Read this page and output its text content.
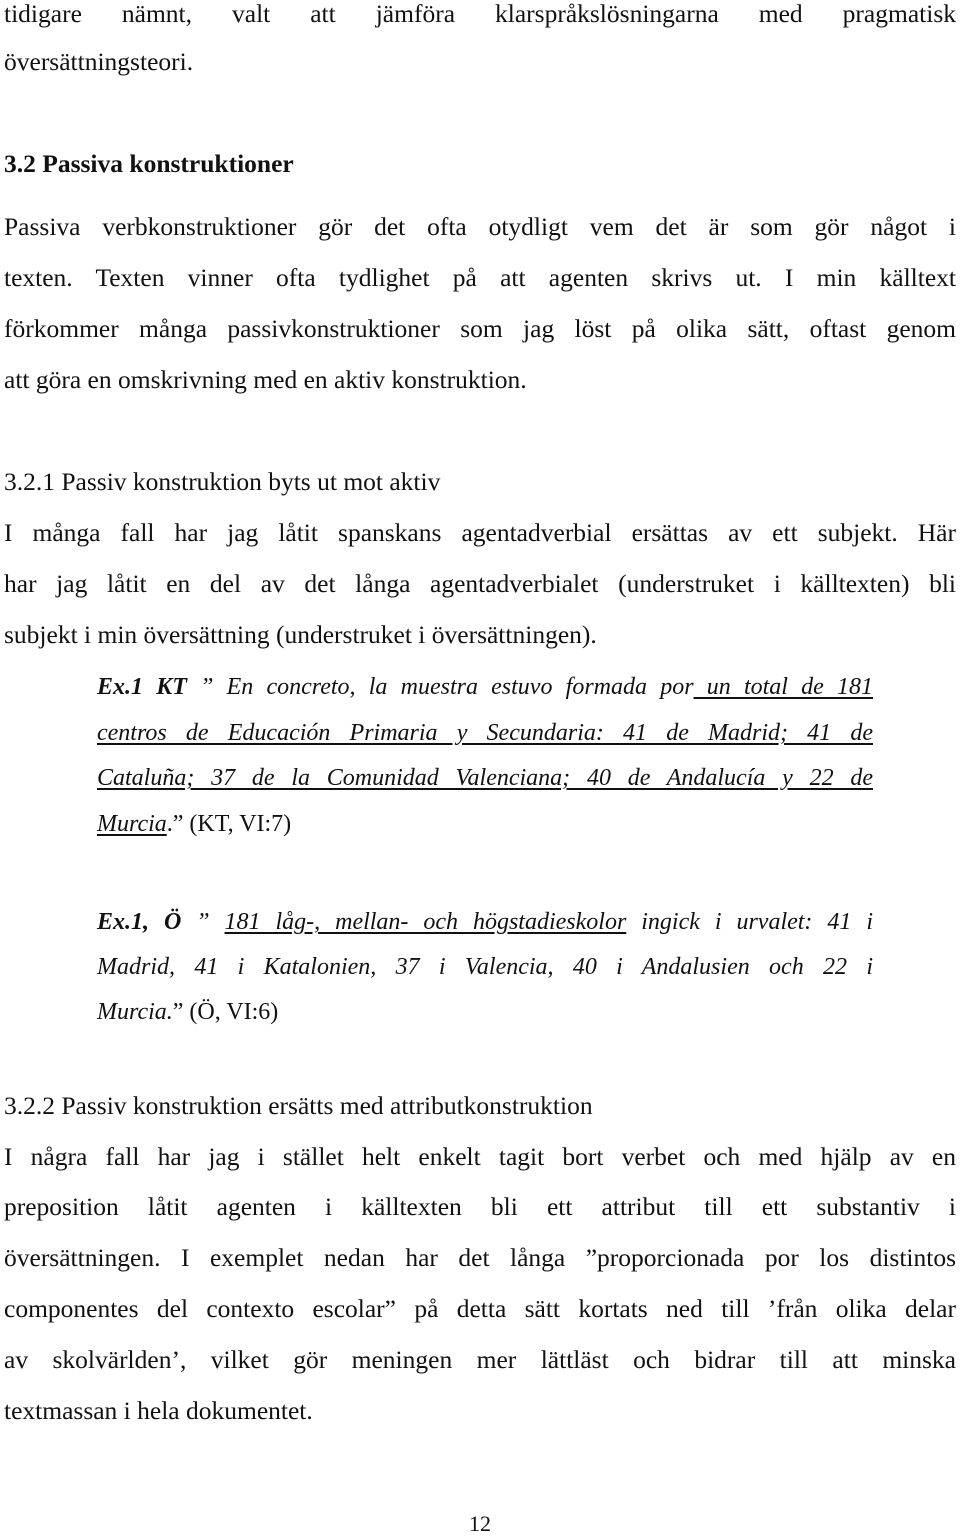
tidigare nämnt, valt att jämföra klarspråkslösningarna med pragmatisk
översättningsteori.
3.2 Passiva konstruktioner
Passiva verbkonstruktioner gör det ofta otydligt vem det är som gör något i
texten. Texten vinner ofta tydlighet på att agenten skrivs ut. I min källtext
förkommer många passivkonstruktioner som jag löst på olika sätt, oftast genom
att göra en omskrivning med en aktiv konstruktion.
3.2.1 Passiv konstruktion byts ut mot aktiv
I många fall har jag låtit spanskans agentadverbial ersättas av ett subjekt. Här
har jag låtit en del av det långa agentadverbialet (understruket i källtexten) bli
subjekt i min översättning (understruket i översättningen).
Ex.1 KT ” En concreto, la muestra estuvo formada por un total de 181
centros de Educación Primaria y Secundaria: 41 de Madrid; 41 de
Cataluña; 37 de la Comunidad Valenciana; 40 de Andalucía y 22 de
Murcia.” (KT, VI:7)
Ex.1, Ö ” 181 låg-, mellan- och högstadieskolor ingick i urvalet: 41 i
Madrid, 41 i Katalonien, 37 i Valencia, 40 i Andalusien och 22 i
Murcia.” (Ö, VI:6)
3.2.2 Passiv konstruktion ersätts med attributkonstruktion
I några fall har jag i stället helt enkelt tagit bort verbet och med hjälp av en
preposition låtit agenten i källtexten bli ett attribut till ett substantiv i
översättningen. I exemplet nedan har det långa ”proporcionada por los distintos
componentes del contexto escolar” på detta sätt kortats ned till ’från olika delar
av skolvärlden’, vilket gör meningen mer lättläst och bidrar till att minska
textmassan i hela dokumentet.
12
